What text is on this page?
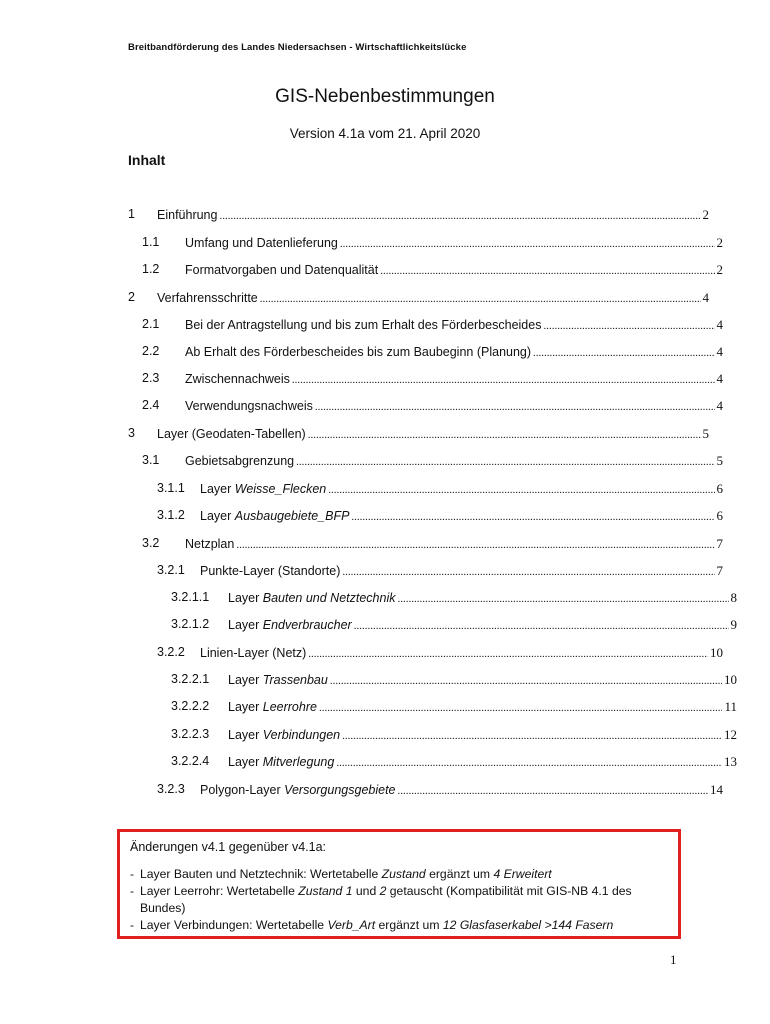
Breitbandförderung des Landes Niedersachsen - Wirtschaftlichkeitslücke
GIS-Nebenbestimmungen
Version 4.1a vom 21. April 2020
Inhalt
1 Einführung .....	2
1.1 Umfang und Datenlieferung .....	2
1.2 Formatvorgaben und Datenqualität .....	2
2 Verfahrensschritte .....	4
2.1 Bei der Antragstellung und bis zum Erhalt des Förderbescheides .....	4
2.2 Ab Erhalt des Förderbescheides bis zum Baubeginn (Planung) .....	4
2.3 Zwischennachweis .....	4
2.4 Verwendungsnachweis .....	4
3 Layer (Geodaten-Tabellen) .....	5
3.1 Gebietsabgrenzung .....	5
3.1.1 Layer Weisse_Flecken .....	6
3.1.2 Layer Ausbaugebiete_BFP .....	6
3.2 Netzplan .....	7
3.2.1 Punkte-Layer (Standorte) .....	7
3.2.1.1 Layer Bauten und Netztechnik .....	8
3.2.1.2 Layer Endverbraucher .....	9
3.2.2 Linien-Layer (Netz) .....	10
3.2.2.1 Layer Trassenbau .....	10
3.2.2.2 Layer Leerrohre .....	11
3.2.2.3 Layer Verbindungen .....	12
3.2.2.4 Layer Mitverlegung .....	13
3.2.3 Polygon-Layer Versorgungsgebiete .....	14
Änderungen v4.1 gegenüber v4.1a:
- Layer Bauten und Netztechnik: Wertetabelle Zustand ergänzt um 4 Erweitert
- Layer Leerrohr: Wertetabelle Zustand 1 und 2 getauscht (Kompatibilität mit GIS-NB 4.1 des Bundes)
- Layer Verbindungen: Wertetabelle Verb_Art ergänzt um 12 Glasfaserkabel >144 Fasern
1
